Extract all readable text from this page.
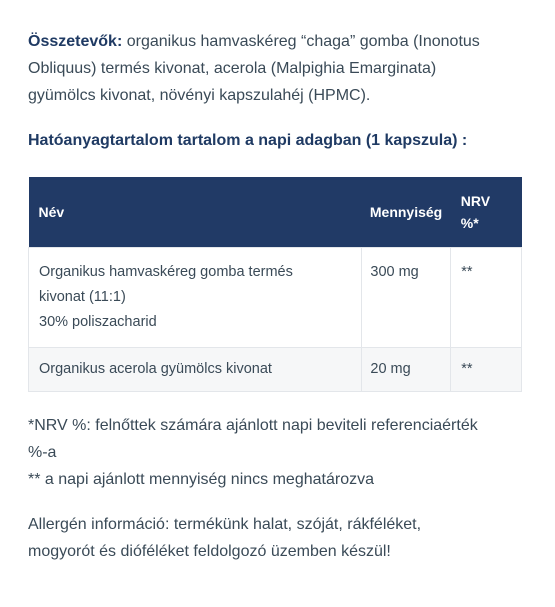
Összetevők: organikus hamvaskéreg “chaga” gomba (Inonotus
Obliquus) termés kivonat, acerola (Malpighia Emarginata)
gyümölcs kivonat, növényi kapszulahéj (HPMC).
Hatóanyagtartalom tartalom a napi adagban (1 kapszula) :
Név	Mennyiség	NRV
%*

Organikus hamvaskéreg gomba termés
kivonat (11:1)
30% poliszacharid	300 mg	**

Organikus acerola gyümölcs kivonat	20 mg	**

*NRV %: felnőttek számára ajánlott napi beviteli referenciaérték
%-a

** a napi ajánlott mennyiség nincs meghatározva

Allergén információ: termékünk halat, szóját, rákféléket,
mogyorót és dióféléket feldolgozó üzemben készül!
